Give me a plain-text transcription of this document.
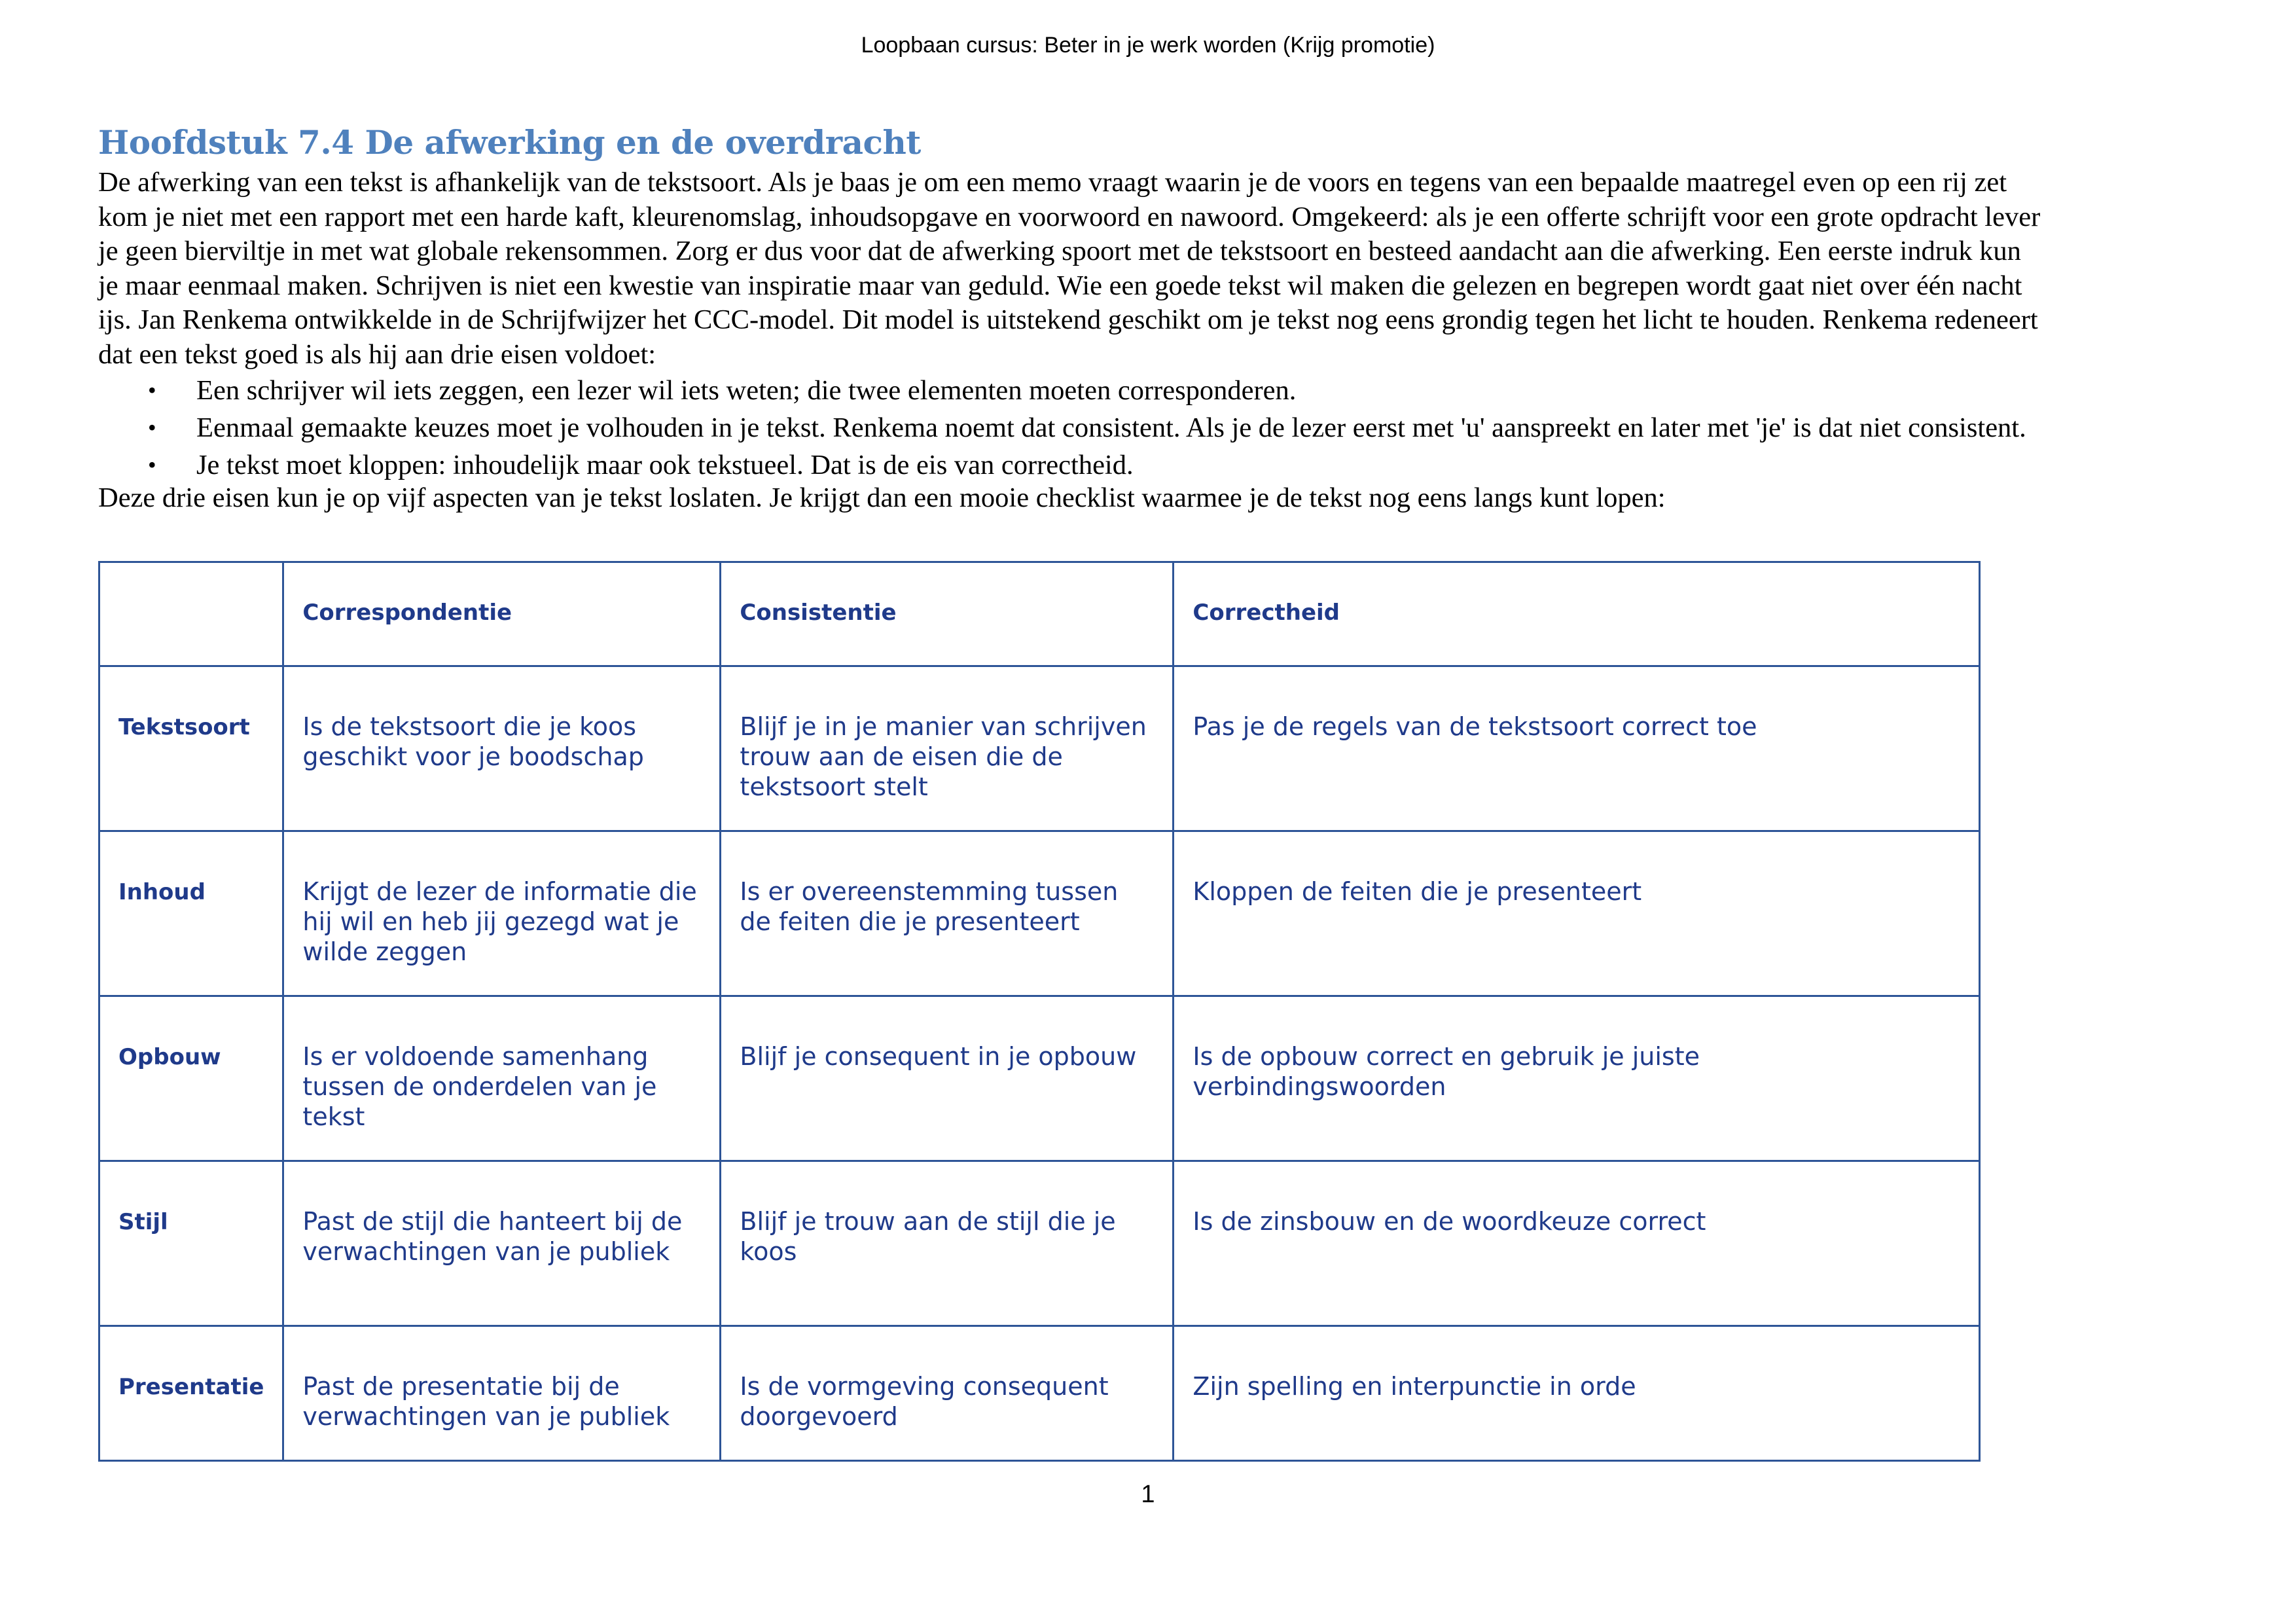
Loopbaan cursus: Beter in je werk worden (Krijg promotie)
Hoofdstuk 7.4 De afwerking en de overdracht

De afwerking van een tekst is afhankelijk van de tekstsoort. Als je baas je om een memo vraagt waarin je de voors en tegens van een bepaalde maatregel even op een rij zet
kom je niet met een rapport met een harde kaft, kleurenomslag, inhoudsopgave en voorwoord en nawoord. Omgekeerd: als je een offerte schrijft voor een grote opdracht lever
je geen bierviltje in met wat globale rekensommen. Zorg er dus voor dat de afwerking spoort met de tekstsoort en besteed aandacht aan die afwerking. Een eerste indruk kun
je maar eenmaal maken. Schrijven is niet een kwestie van inspiratie maar van geduld. Wie een goede tekst wil maken die gelezen en begrepen wordt gaat niet over één nacht
ijs. Jan Renkema ontwikkelde in de Schrijfwijzer het CCC-model. Dit model is uitstekend geschikt om je tekst nog eens grondig tegen het licht te houden. Renkema redeneert
dat een tekst goed is als hij aan drie eisen voldoet:

• Een schrijver wil iets zeggen, een lezer wil iets weten; die twee elementen moeten corresponderen.
• Eenmaal gemaakte keuzes moet je volhouden in je tekst. Renkema noemt dat consistent. Als je de lezer eerst met 'u' aanspreekt en later met 'je' is dat niet consistent.
• Je tekst moet kloppen: inhoudelijk maar ook tekstueel. Dat is de eis van correctheid.

Deze drie eisen kun je op vijf aspecten van je tekst loslaten. Je krijgt dan een mooie checklist waarmee je de tekst nog eens langs kunt lopen:

	Correspondentie	Consistentie	Correctheid
Tekstsoort	Is de tekstsoort die je koos geschikt voor je boodschap	Blijf je in je manier van schrijven trouw aan de eisen die de tekstsoort stelt	Pas je de regels van de tekstsoort correct toe
Inhoud	Krijgt de lezer de informatie die hij wil en heb jij gezegd wat je wilde zeggen	Is er overeenstemming tussen de feiten die je presenteert	Kloppen de feiten die je presenteert
Opbouw	Is er voldoende samenhang tussen de onderdelen van je tekst	Blijf je consequent in je opbouw	Is de opbouw correct en gebruik je juiste verbindingswoorden
Stijl	Past de stijl die hanteert bij de verwachtingen van je publiek	Blijf je trouw aan de stijl die je koos	Is de zinsbouw en de woordkeuze correct
Presentatie	Past de presentatie bij de verwachtingen van je publiek	Is de vormgeving consequent doorgevoerd	Zijn spelling en interpunctie in orde
1
